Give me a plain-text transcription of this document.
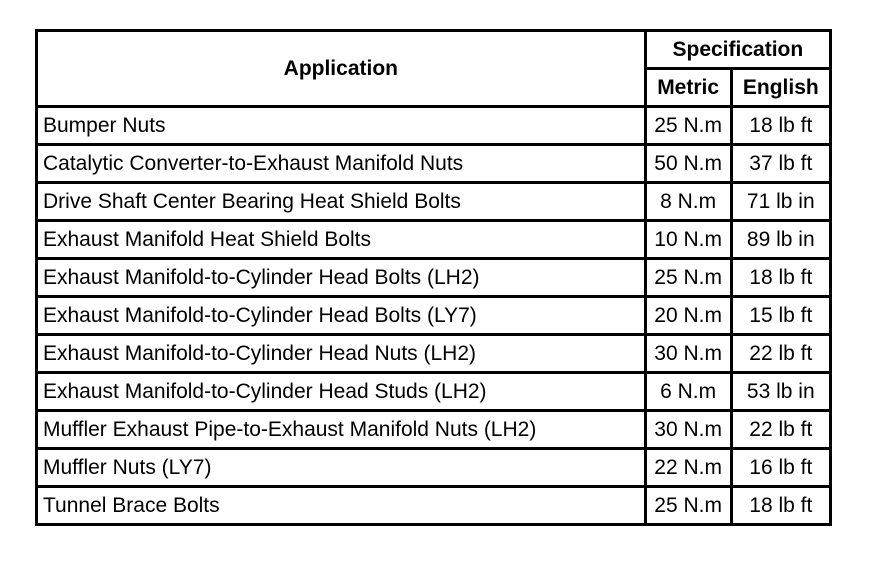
Application	Specification	
	Metric	English
Bumper Nuts	25 N.m	18 lb ft
Catalytic Converter-to-Exhaust Manifold Nuts	50 N.m	37 lb ft
Drive Shaft Center Bearing Heat Shield Bolts	8 N.m	71 lb in
Exhaust Manifold Heat Shield Bolts	10 N.m	89 lb in
Exhaust Manifold-to-Cylinder Head Bolts (LH2)	25 N.m	18 lb ft
Exhaust Manifold-to-Cylinder Head Bolts (LY7)	20 N.m	15 lb ft
Exhaust Manifold-to-Cylinder Head Nuts (LH2)	30 N.m	22 lb ft
Exhaust Manifold-to-Cylinder Head Studs (LH2)	6 N.m	53 lb in
Muffler Exhaust Pipe-to-Exhaust Manifold Nuts (LH2)	30 N.m	22 lb ft
Muffler Nuts (LY7)	22 N.m	16 lb ft
Tunnel Brace Bolts	25 N.m	18 lb ft
